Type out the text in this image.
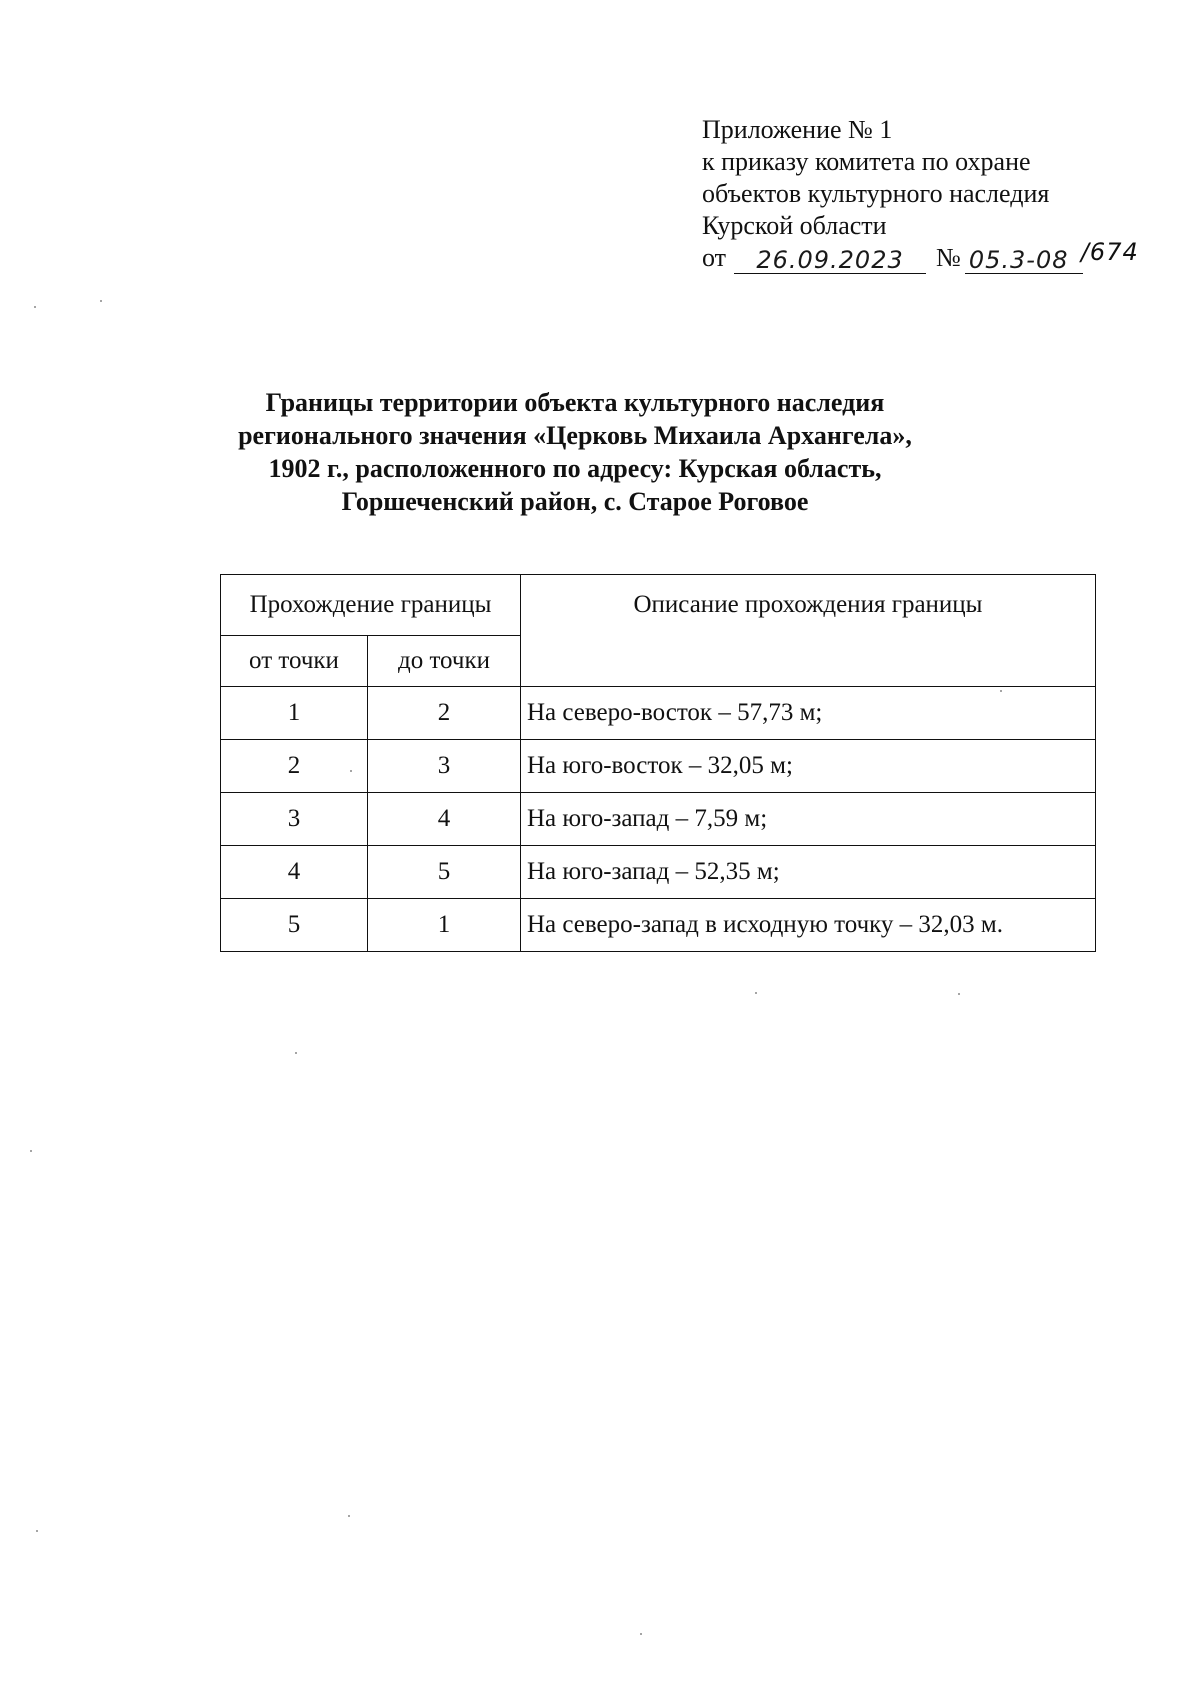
Приложение № 1
к приказу комитета по охране
объектов культурного наследия
Курской области
от	26.09.2023	№ 05.3-08 /674
Границы территории объекта культурного наследия
регионального значения «Церковь Михаила Архангела»,
1902 г., расположенного по адресу: Курская область,
Горшеченский район, с. Старое Роговое
Прохождение границы		Описание прохождения границы
от точки	до точки	
1	2	На северо-восток – 57,73 м;
2	3	На юго-восток – 32,05 м;
3	4	На юго-запад – 7,59 м;
4	5	На юго-запад – 52,35 м;
5	1	На северо-запад в исходную точку – 32,03 м.
